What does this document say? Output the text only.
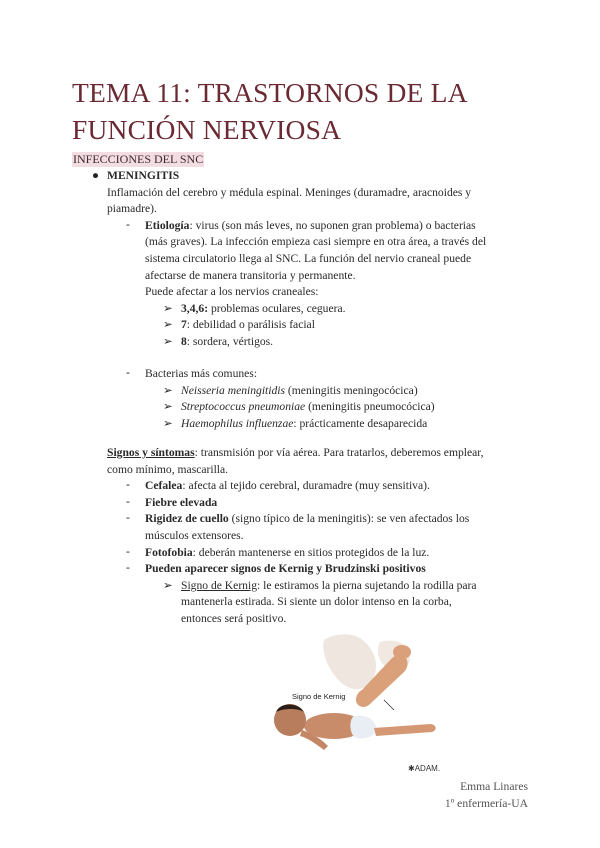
TEMA 11: TRASTORNOS DE LA FUNCIÓN NERVIOSA
INFECCIONES DEL SNC
● MENINGITIS
Inflamación del cerebro y médula espinal. Meninges (duramadre, aracnoides y
piamadre).
- Etiología: virus (son más leves, no suponen gran problema) o bacterias
(más graves). La infección empieza casi siempre en otra área, a través del
sistema circulatorio llega al SNC. La función del nervio craneal puede
afectarse de manera transitoria y permanente.
Puede afectar a los nervios craneales:
➢ 3,4,6: problemas oculares, ceguera.
➢ 7: debilidad o parálisis facial
➢ 8: sordera, vértigos.
- Bacterias más comunes:
➢ Neisseria meningitidis (meningitis meningocócica)
➢ Streptococcus pneumoniae (meningitis pneumocócica)
➢ Haemophilus influenzae: prácticamente desaparecida
Signos y síntomas: transmisión por vía aérea. Para tratarlos, deberemos emplear,
como mínimo, mascarilla.
- Cefalea: afecta al tejido cerebral, duramadre (muy sensitiva).
- Fiebre elevada
- Rigidez de cuello (signo típico de la meningitis): se ven afectados los
músculos extensores.
- Fotofobia: deberán mantenerse en sitios protegidos de la luz.
- Pueden aparecer signos de Kernig y Brudzinski positivos
➢ Signo de Kernig: le estiramos la pierna sujetando la rodilla para
mantenerla estirada. Si siente un dolor intenso en la corba,
entonces será positivo.
Signo de Kernig
✱ADAM.
Emma Linares
1º enfermería-UA
